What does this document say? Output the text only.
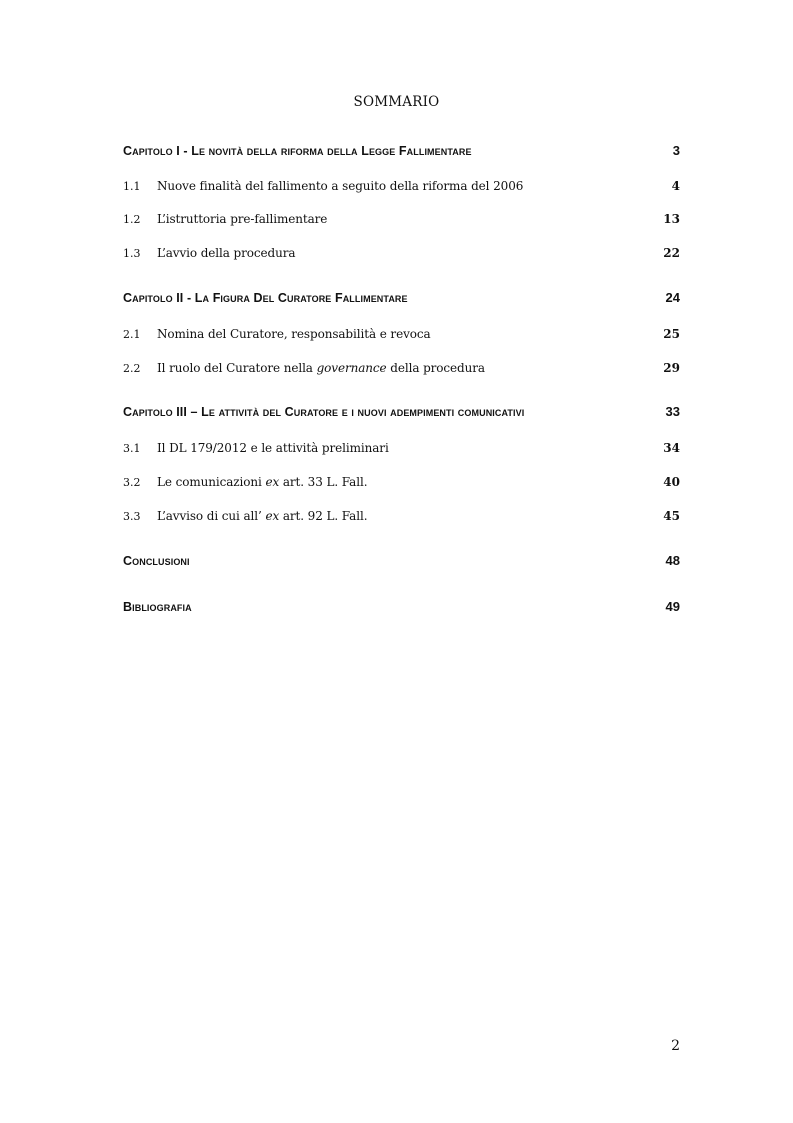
SOMMARIO
Capitolo I - Le novità della riforma della Legge Fallimentare	3
1.1	Nuove finalità del fallimento a seguito della riforma del 2006	4
1.2	L’istruttoria pre-fallimentare	13
1.3	L’avvio della procedura	22
Capitolo II - La Figura Del Curatore Fallimentare	24
2.1	Nomina del Curatore, responsabilità e revoca	25
2.2	Il ruolo del Curatore nella governance della procedura	29
Capitolo III – Le attività del Curatore e i nuovi adempimenti comunicativi	33
3.1	Il DL 179/2012 e le attività preliminari	34
3.2	Le comunicazioni ex art. 33 L. Fall.	40
3.3	L’avviso di cui all’ ex art. 92 L. Fall.	45
Conclusioni	48
Bibliografia	49
2
